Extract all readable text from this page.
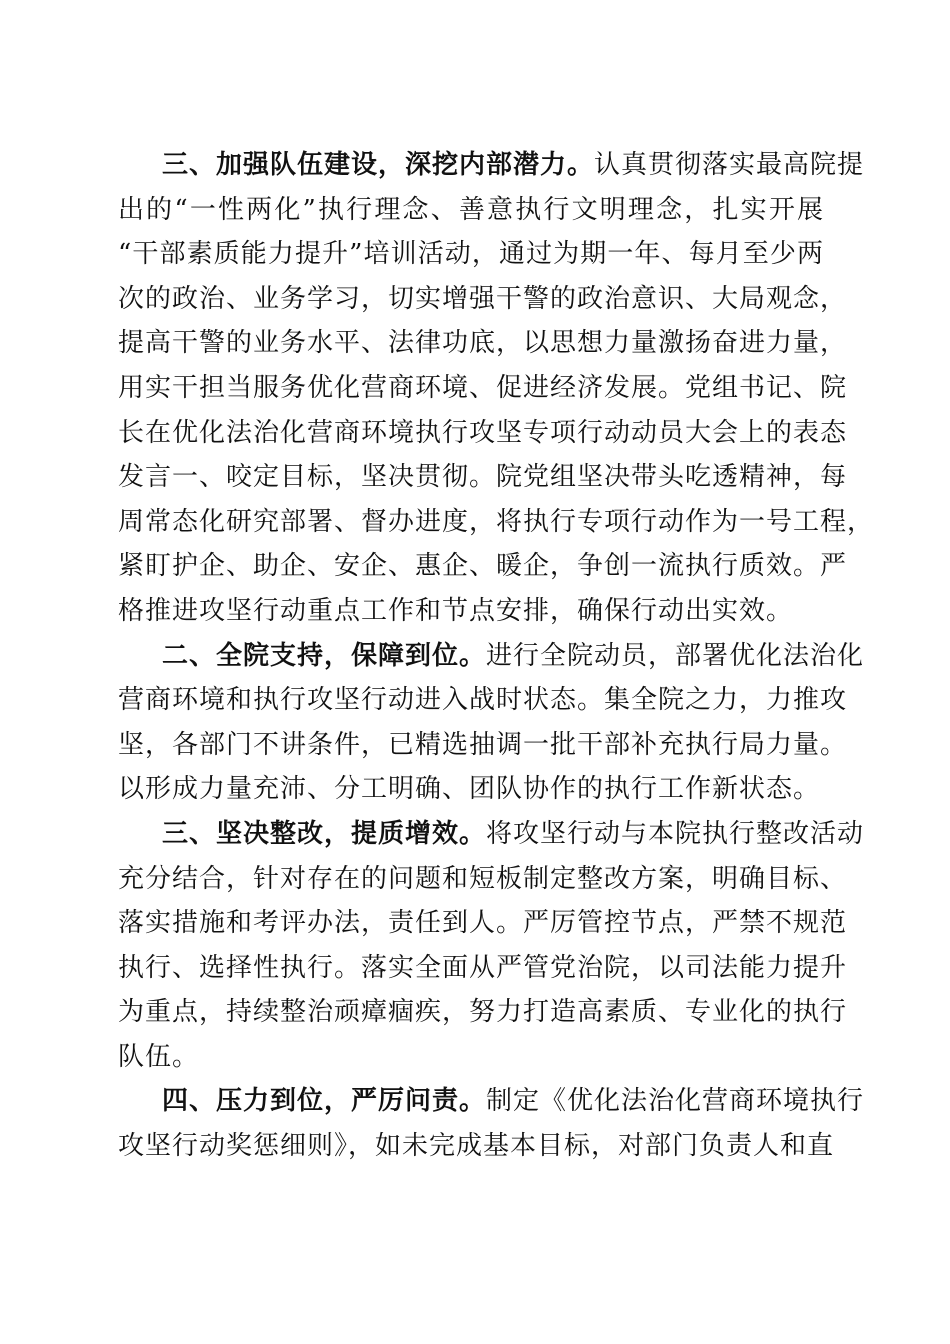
三、加强队伍建设，深挖内部潜力。认真贯彻落实最高院提
出的“一性两化”执行理念、善意执行文明理念，扎实开展
“干部素质能力提升”培训活动，通过为期一年、每月至少两
次的政治、业务学习，切实增强干警的政治意识、大局观念，
提高干警的业务水平、法律功底，以思想力量激扬奋进力量，
用实干担当服务优化营商环境、促进经济发展。党组书记、院
长在优化法治化营商环境执行攻坚专项行动动员大会上的表态
发言一、咬定目标，坚决贯彻。院党组坚决带头吃透精神，每
周常态化研究部署、督办进度，将执行专项行动作为一号工程，
紧盯护企、助企、安企、惠企、暖企，争创一流执行质效。严
格推进攻坚行动重点工作和节点安排，确保行动出实效。
二、全院支持，保障到位。进行全院动员，部署优化法治化
营商环境和执行攻坚行动进入战时状态。集全院之力，力推攻
坚，各部门不讲条件，已精选抽调一批干部补充执行局力量。
以形成力量充沛、分工明确、团队协作的执行工作新状态。
三、坚决整改，提质增效。将攻坚行动与本院执行整改活动
充分结合，针对存在的问题和短板制定整改方案，明确目标、
落实措施和考评办法，责任到人。严厉管控节点，严禁不规范
执行、选择性执行。落实全面从严管党治院，以司法能力提升
为重点，持续整治顽瘴痼疾，努力打造高素质、专业化的执行
队伍。
四、压力到位，严厉问责。制定《优化法治化营商环境执行
攻坚行动奖惩细则》，如未完成基本目标，对部门负责人和直
